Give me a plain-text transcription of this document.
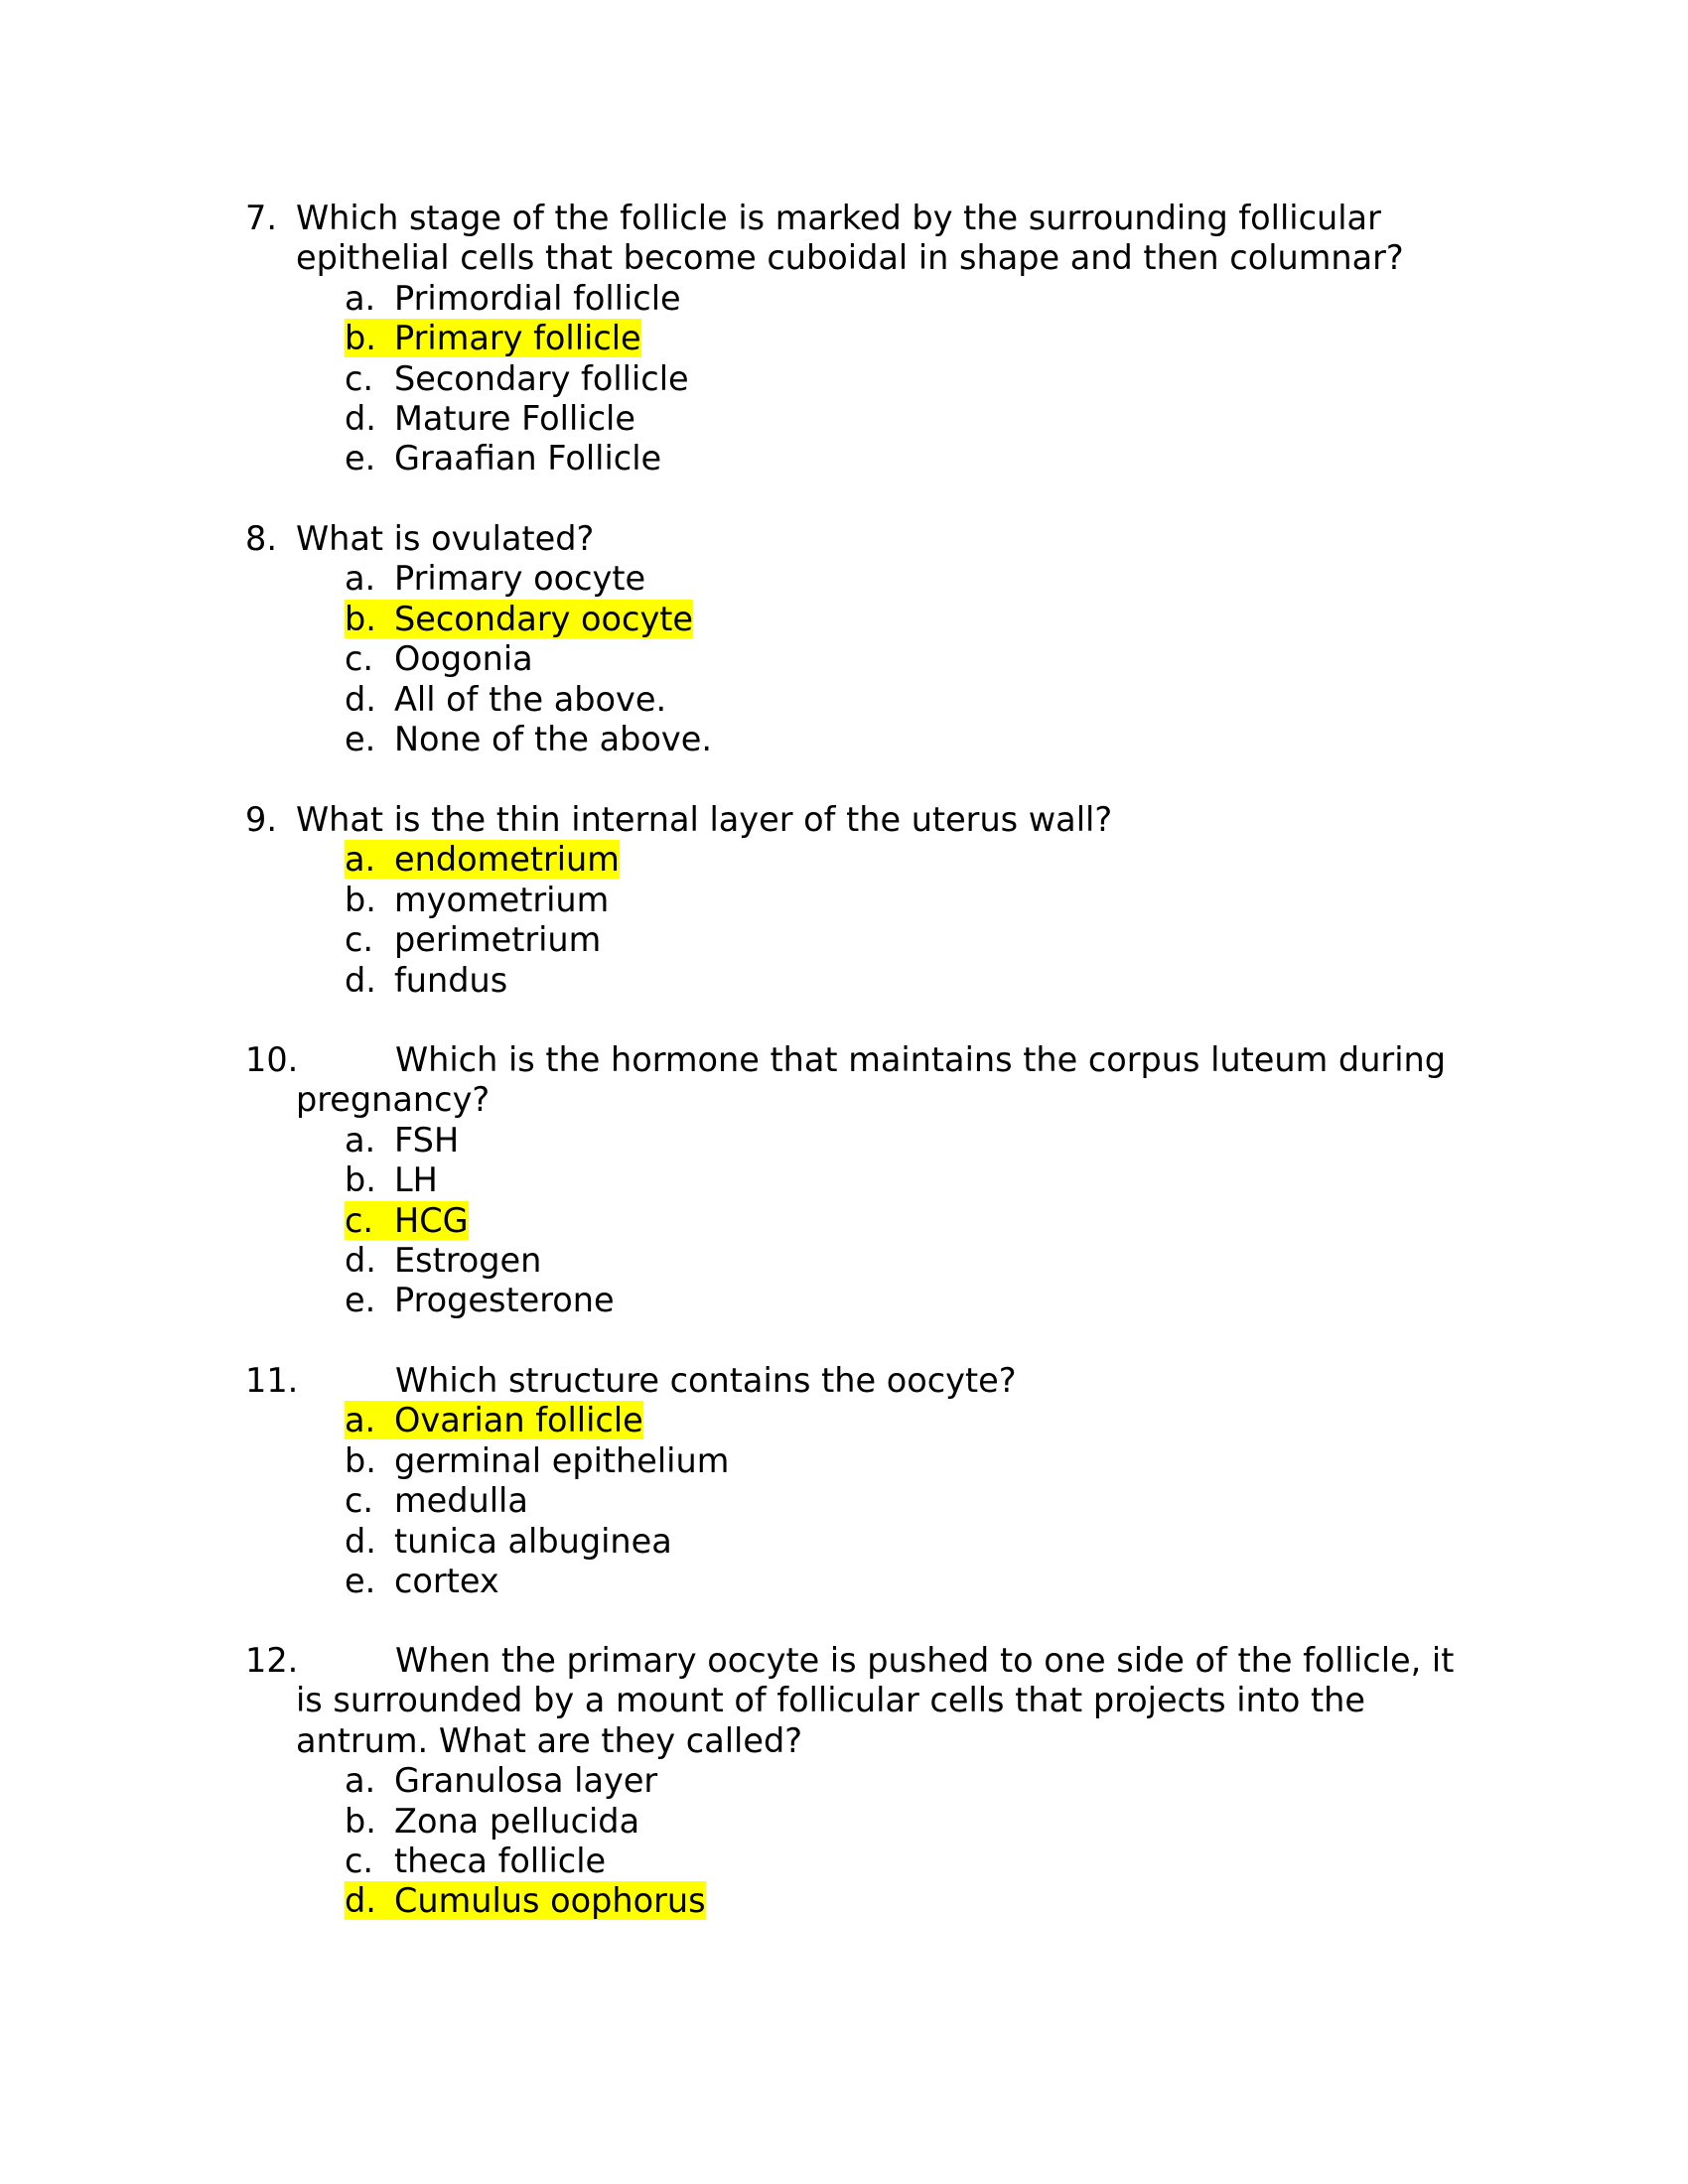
7. Which stage of the follicle is marked by the surrounding follicular
epithelial cells that become cuboidal in shape and then columnar?
a. Primordial follicle
b. Primary follicle
c. Secondary follicle
d. Mature Follicle
e. Graafian Follicle
8. What is ovulated?
a. Primary oocyte
b. Secondary oocyte
c. Oogonia
d. All of the above.
e. None of the above.
9. What is the thin internal layer of the uterus wall?
a. endometrium
b. myometrium
c. perimetrium
d. fundus
10.	Which is the hormone that maintains the corpus luteum during
pregnancy?
a. FSH
b. LH
c. HCG
d. Estrogen
e. Progesterone
11.	Which structure contains the oocyte?
a. Ovarian follicle
b. germinal epithelium
c. medulla
d. tunica albuginea
e. cortex
12.	When the primary oocyte is pushed to one side of the follicle, it
is surrounded by a mount of follicular cells that projects into the
antrum. What are they called?
a. Granulosa layer
b. Zona pellucida
c. theca follicle
d. Cumulus oophorus
